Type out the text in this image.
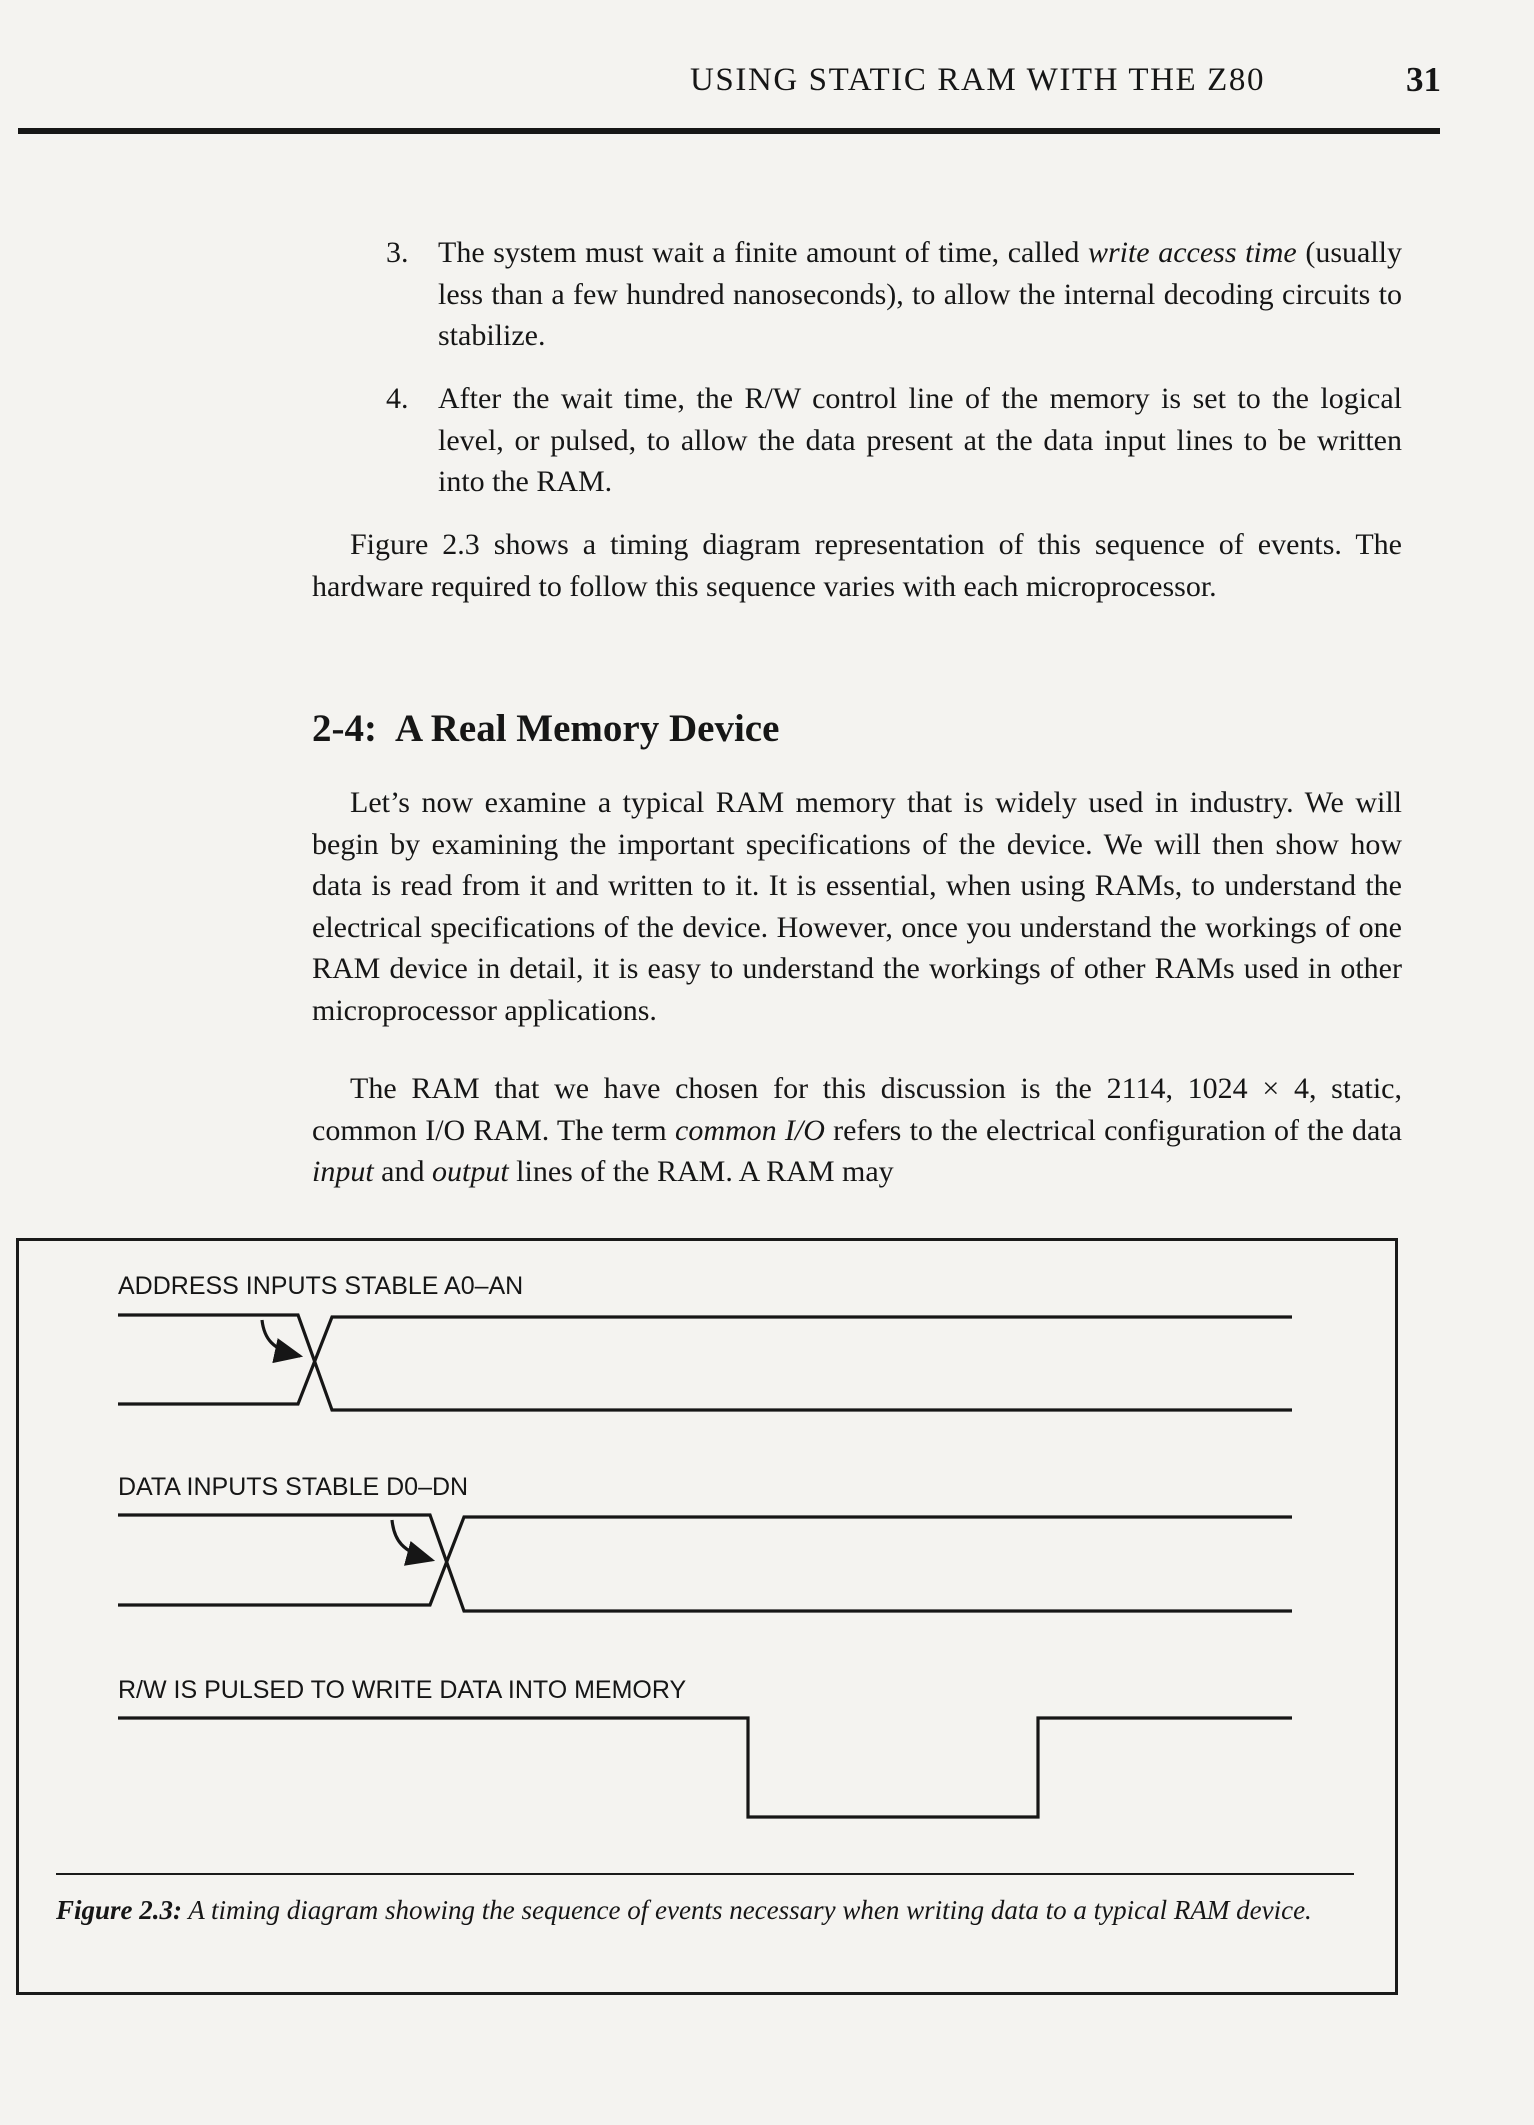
USING STATIC RAM WITH THE Z80	31
3. The system must wait a finite amount of time, called write access time (usually less than a few hundred nanoseconds), to allow the internal decoding circuits to stabilize.

4. After the wait time, the R/W control line of the memory is set to the logical level, or pulsed, to allow the data present at the data input lines to be written into the RAM.

Figure 2.3 shows a timing diagram representation of this sequence of events. The hardware required to follow this sequence varies with each microprocessor.

2-4: A Real Memory Device

Let’s now examine a typical RAM memory that is widely used in industry. We will begin by examining the important specifications of the device. We will then show how data is read from it and written to it. It is essential, when using RAMs, to understand the electrical specifications of the device. However, once you understand the workings of one RAM device in detail, it is easy to understand the workings of other RAMs used in other microprocessor applications.

The RAM that we have chosen for this discussion is the 2114, 1024 × 4, static, common I/O RAM. The term common I/O refers to the electrical configuration of the data input and output lines of the RAM. A RAM may

ADDRESS INPUTS STABLE A0–AN
DATA INPUTS STABLE D0–DN
R/W IS PULSED TO WRITE DATA INTO MEMORY
Figure 2.3: A timing diagram showing the sequence of events necessary when writing data to a typical RAM device.
